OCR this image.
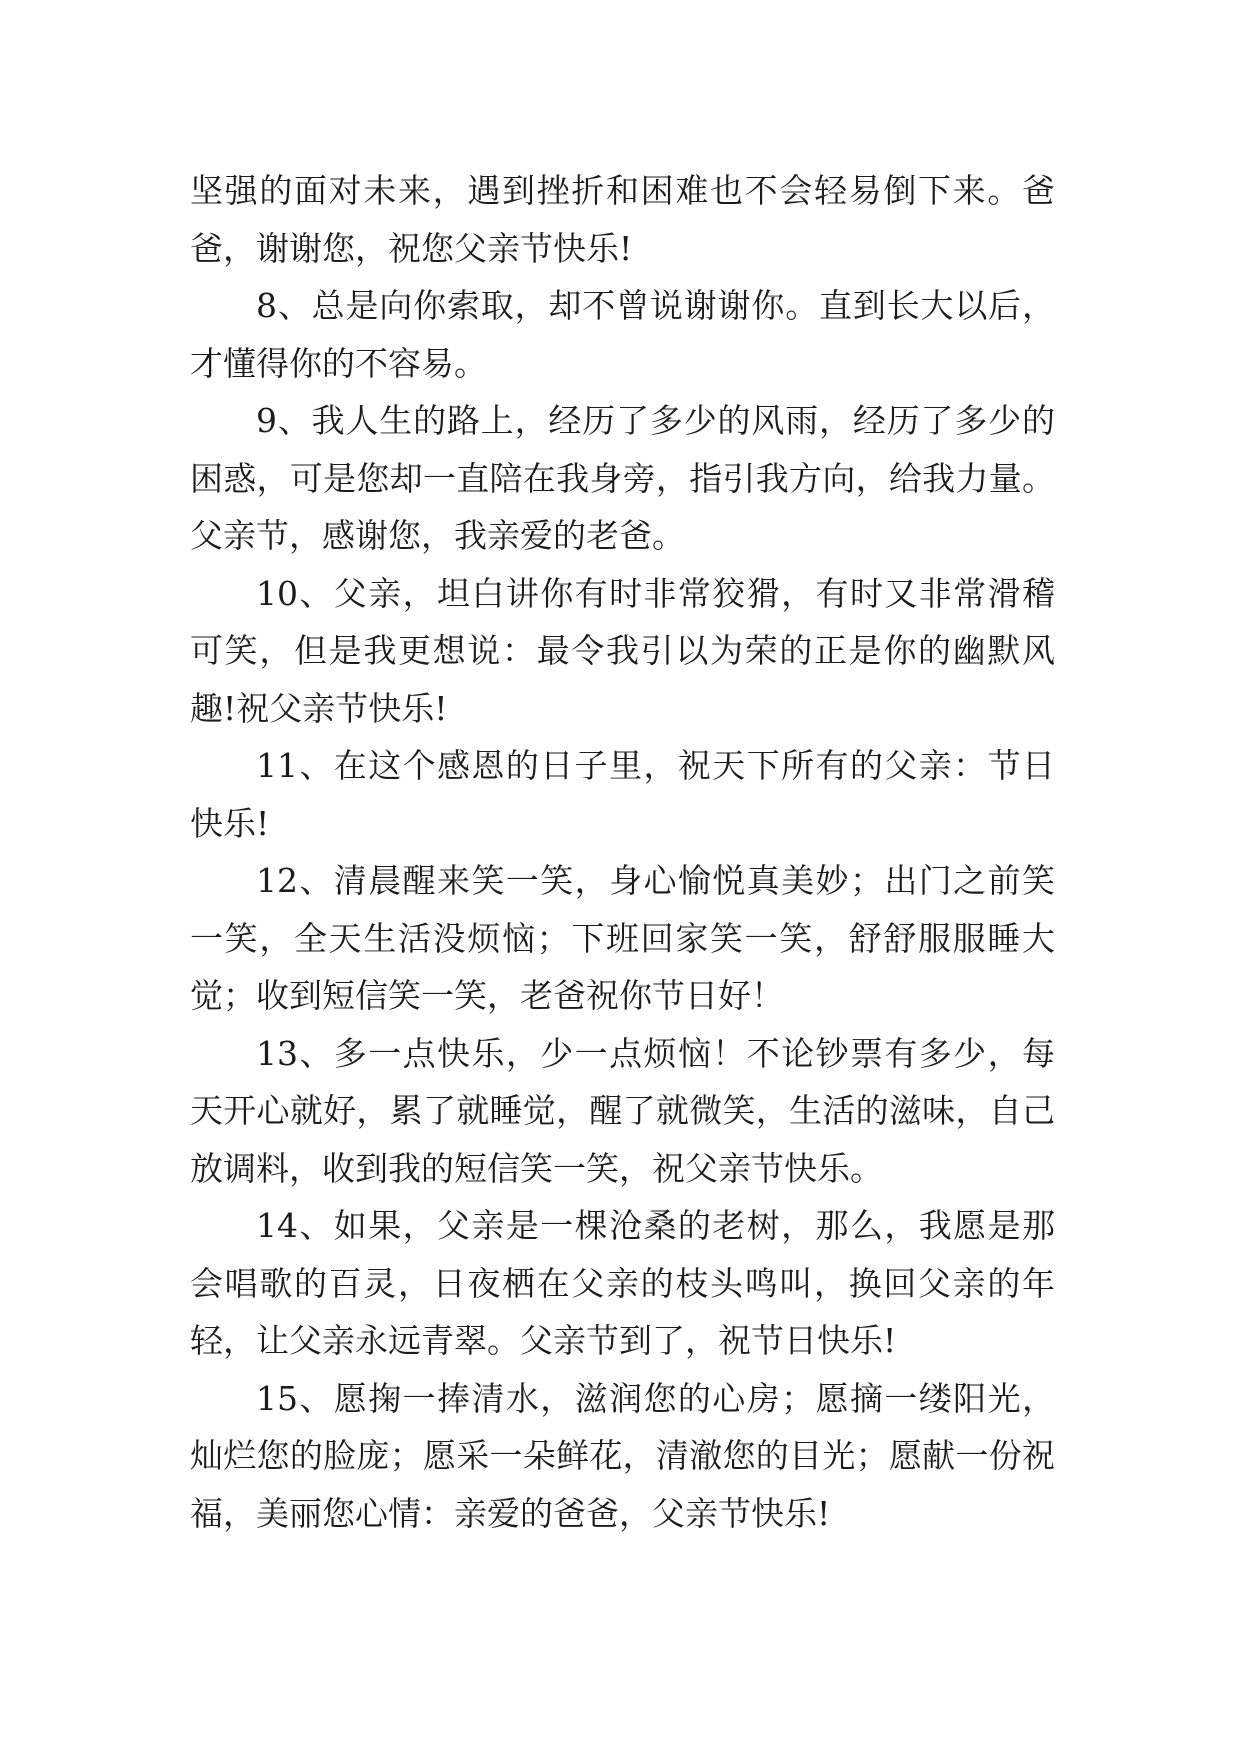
坚强的面对未来，遇到挫折和困难也不会轻易倒下来。爸爸，谢谢您，祝您父亲节快乐!

8、总是向你索取，却不曾说谢谢你。直到长大以后，才懂得你的不容易。

9、我人生的路上，经历了多少的风雨，经历了多少的困惑，可是您却一直陪在我身旁，指引我方向，给我力量。父亲节，感谢您，我亲爱的老爸。

10、父亲，坦白讲你有时非常狡猾，有时又非常滑稽可笑，但是我更想说：最令我引以为荣的正是你的幽默风趣!祝父亲节快乐!

11、在这个感恩的日子里，祝天下所有的父亲：节日快乐!

12、清晨醒来笑一笑，身心愉悦真美妙；出门之前笑一笑，全天生活没烦恼；下班回家笑一笑，舒舒服服睡大觉；收到短信笑一笑，老爸祝你节日好！

13、多一点快乐，少一点烦恼！不论钞票有多少，每天开心就好，累了就睡觉，醒了就微笑，生活的滋味，自己放调料，收到我的短信笑一笑，祝父亲节快乐。

14、如果，父亲是一棵沧桑的老树，那么，我愿是那会唱歌的百灵，日夜栖在父亲的枝头鸣叫，换回父亲的年轻，让父亲永远青翠。父亲节到了，祝节日快乐!

15、愿掬一捧清水，滋润您的心房；愿摘一缕阳光，灿烂您的脸庞；愿采一朵鲜花，清澈您的目光；愿献一份祝福，美丽您心情：亲爱的爸爸，父亲节快乐!
